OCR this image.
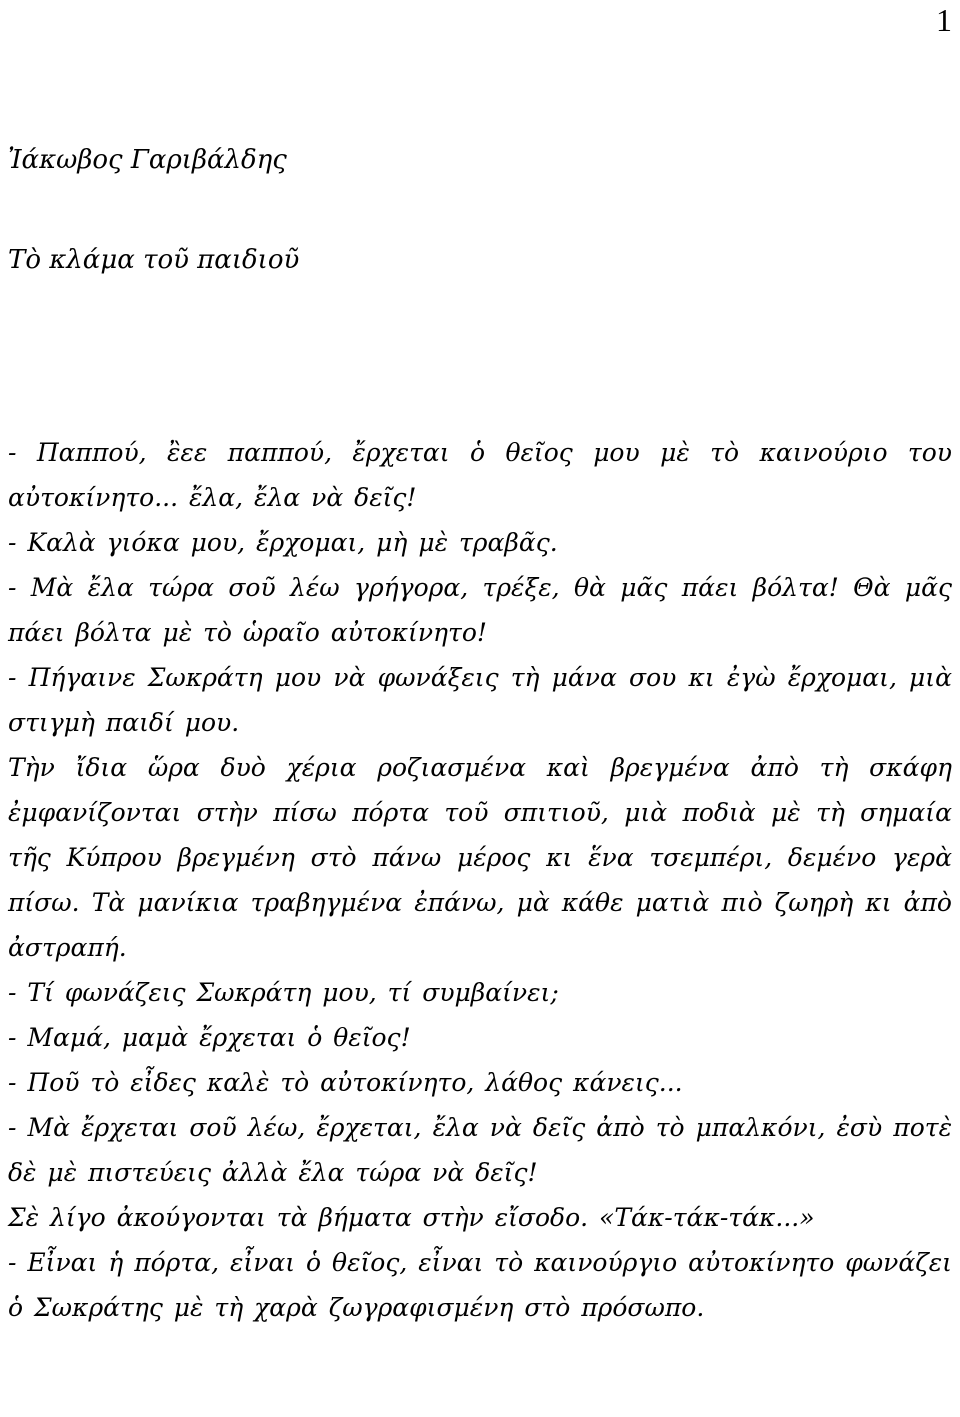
1
Ἰάκωβος Γαριβάλδης
Τὸ κλάμα τοῦ παιδιοῦ

- Παππού, ἒεε παππού, ἔρχεται ὁ θεῖος μου μὲ τὸ καινούριο του αὐτοκίνητο... ἔλα, ἔλα νὰ δεῖς!

- Καλὰ γιόκα μου, ἔρχομαι, μὴ μὲ τραβᾶς.

- Μὰ ἔλα τώρα σοῦ λέω γρήγορα, τρέξε, θὰ μᾶς πάει βόλτα! Θὰ μᾶς πάει βόλτα μὲ τὸ ὡραῖο αὐτοκίνητο!

- Πήγαινε Σωκράτη μου νὰ φωνάξεις τὴ μάνα σου κι ἐγὼ ἔρχομαι, μιὰ στιγμὴ παιδί μου.

Τὴν ἴδια ὥρα δυὸ χέρια ροζιασμένα καὶ βρεγμένα ἀπὸ τὴ σκάφη ἐμφανίζονται στὴν πίσω πόρτα τοῦ σπιτιοῦ, μιὰ ποδιὰ μὲ τὴ σημαία τῆς Κύπρου βρεγμένη στὸ πάνω μέρος κι ἕνα τσεμπέρι, δεμένο γερὰ πίσω. Τὰ μανίκια τραβηγμένα ἐπάνω, μὰ κάθε ματιὰ πιὸ ζωηρὴ κι ἀπὸ ἀστραπή.

- Τί φωνάζεις Σωκράτη μου, τί συμβαίνει;

- Μαμά, μαμὰ ἔρχεται ὁ θεῖος!

- Ποῦ τὸ εἶδες καλὲ τὸ αὐτοκίνητο, λάθος κάνεις...

- Μὰ ἔρχεται σοῦ λέω, ἔρχεται, ἔλα νὰ δεῖς ἀπὸ τὸ μπαλκόνι, ἐσὺ ποτὲ δὲ μὲ πιστεύεις ἀλλὰ ἔλα τώρα νὰ δεῖς!

Σὲ λίγο ἀκούγονται τὰ βήματα στὴν εἴσοδο. «Τάκ-τάκ-τάκ...»

- Εἶναι ἡ πόρτα, εἶναι ὁ θεῖος, εἶναι τὸ καινούργιο αὐτοκίνητο φωνάζει ὁ Σωκράτης μὲ τὴ χαρὰ ζωγραφισμένη στὸ πρόσωπο.
